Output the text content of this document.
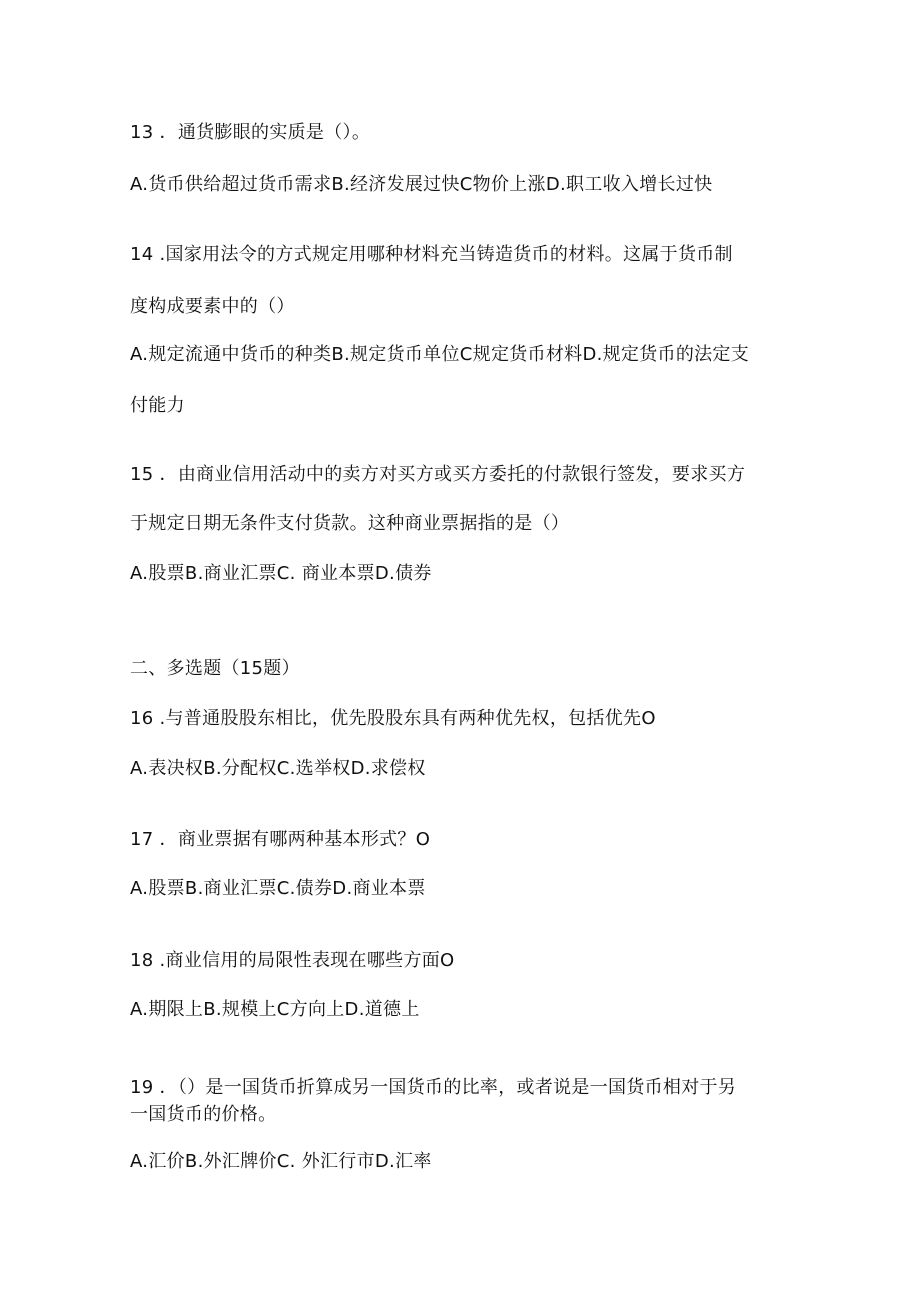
13 ．通货膨眼的实质是（）。

A.货币供给超过货币需求B.经济发展过快C物价上涨D.职工收入增长过快

14 .国家用法令的方式规定用哪种材料充当铸造货币的材料。这属于货币制

度构成要素中的（）

A.规定流通中货币的种类B.规定货币单位C规定货币材料D.规定货币的法定支

付能力

15 ．由商业信用活动中的卖方对买方或买方委托的付款银行签发，要求买方

于规定日期无条件支付货款。这种商业票据指的是（）

A.股票B.商业汇票C. 商业本票D.债券

二、多选题（15题）

16 .与普通股股东相比，优先股股东具有两种优先权，包括优先O

A.表决权B.分配权C.选举权D.求偿权

17 ．商业票据有哪两种基本形式？O

A.股票B.商业汇票C.债券D.商业本票

18 .商业信用的局限性表现在哪些方面O

A.期限上B.规模上C方向上D.道德上

19 ．（）是一国货币折算成另一国货币的比率，或者说是一国货币相对于另

一国货币的价格。

A.汇价B.外汇牌价C. 外汇行市D.汇率
